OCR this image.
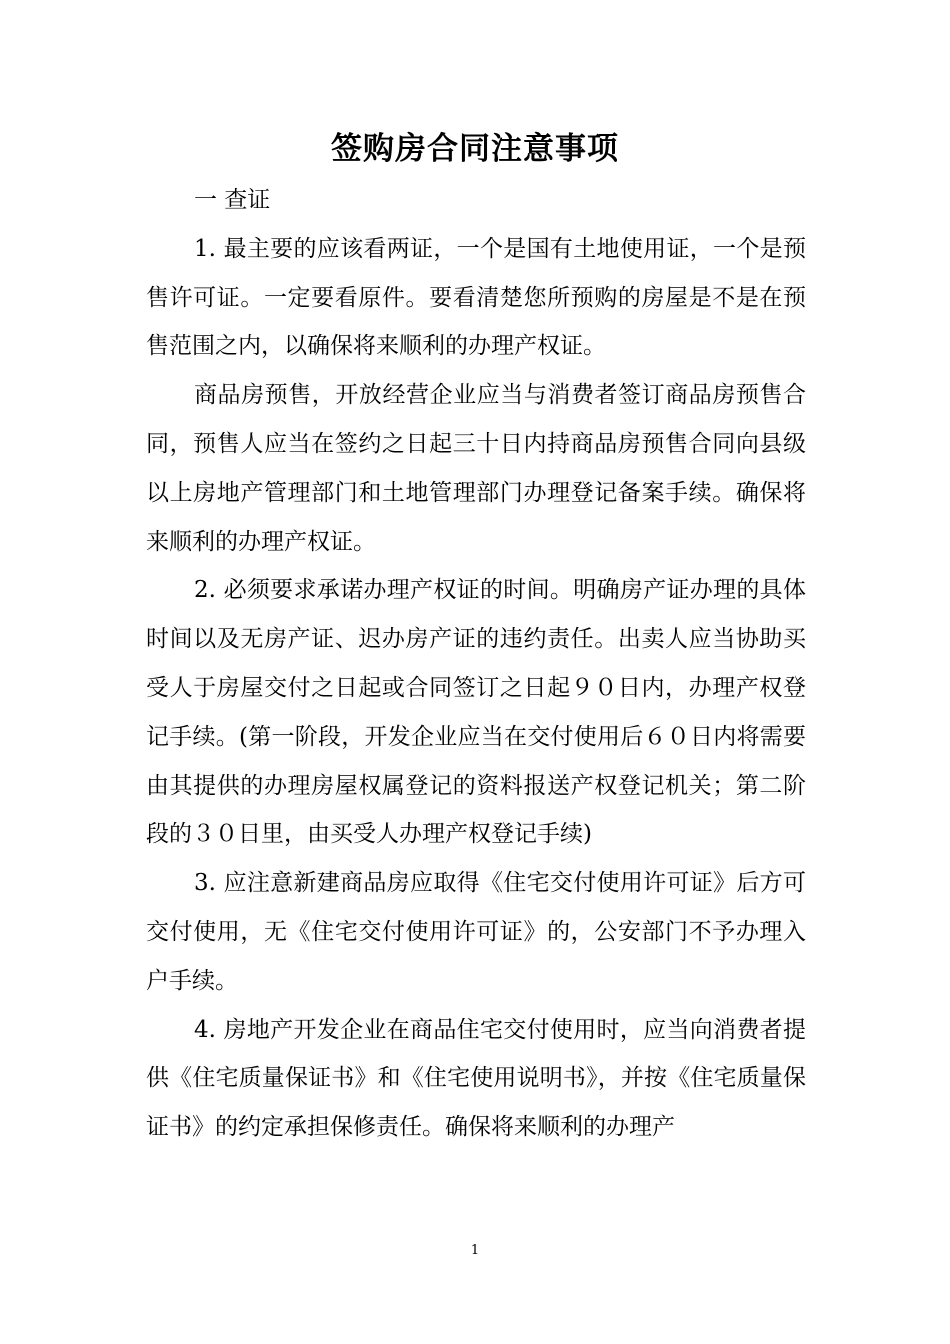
签购房合同注意事项

一 查证

1. 最主要的应该看两证，一个是国有土地使用证，一个是预售许可证。一定要看原件。要看清楚您所预购的房屋是不是在预售范围之内，以确保将来顺利的办理产权证。

商品房预售，开放经营企业应当与消费者签订商品房预售合同，预售人应当在签约之日起三十日内持商品房预售合同向县级以上房地产管理部门和土地管理部门办理登记备案手续。确保将来顺利的办理产权证。

2. 必须要求承诺办理产权证的时间。明确房产证办理的具体时间以及无房产证、迟办房产证的违约责任。出卖人应当协助买受人于房屋交付之日起或合同签订之日起９０日内，办理产权登记手续。(第一阶段，开发企业应当在交付使用后６０日内将需要由其提供的办理房屋权属登记的资料报送产权登记机关；第二阶段的３０日里，由买受人办理产权登记手续)

3. 应注意新建商品房应取得《住宅交付使用许可证》后方可交付使用，无《住宅交付使用许可证》的，公安部门不予办理入户手续。

4. 房地产开发企业在商品住宅交付使用时，应当向消费者提供《住宅质量保证书》和《住宅使用说明书》，并按《住宅质量保证书》的约定承担保修责任。确保将来顺利的办理产

1
